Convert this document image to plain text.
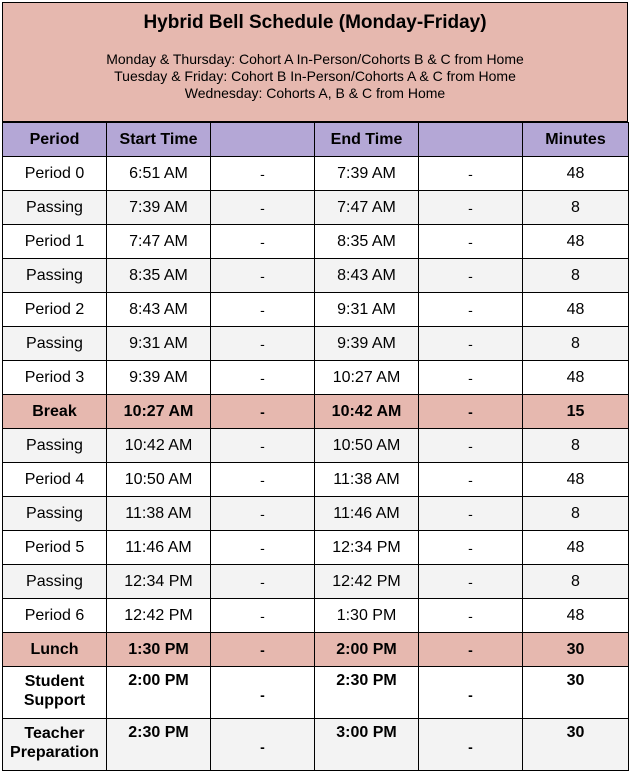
Hybrid Bell Schedule (Monday-Friday)
Monday & Thursday: Cohort A In-Person/Cohorts B & C from Home
Tuesday & Friday: Cohort B In-Person/Cohorts A & C from Home
Wednesday: Cohorts A, B & C from Home
Period	Start Time		End Time		Minutes
Period 0	6:51 AM	-	7:39 AM	-	48
Passing	7:39 AM	-	7:47 AM	-	8
Period 1	7:47 AM	-	8:35 AM	-	48
Passing	8:35 AM	-	8:43 AM	-	8
Period 2	8:43 AM	-	9:31 AM	-	48
Passing	9:31 AM	-	9:39 AM	-	8
Period 3	9:39 AM	-	10:27 AM	-	48
Break	10:27 AM	-	10:42 AM	-	15
Passing	10:42 AM	-	10:50 AM	-	8
Period 4	10:50 AM	-	11:38 AM	-	48
Passing	11:38 AM	-	11:46 AM	-	8
Period 5	11:46 AM	-	12:34 PM	-	48
Passing	12:34 PM	-	12:42 PM	-	8
Period 6	12:42 PM	-	1:30 PM	-	48
Lunch	1:30 PM	-	2:00 PM	-	30

Student
Support	2:00 PM	-	2:30 PM	-	30

Teacher
Preparation	2:30 PM	-	3:00 PM	-	30
